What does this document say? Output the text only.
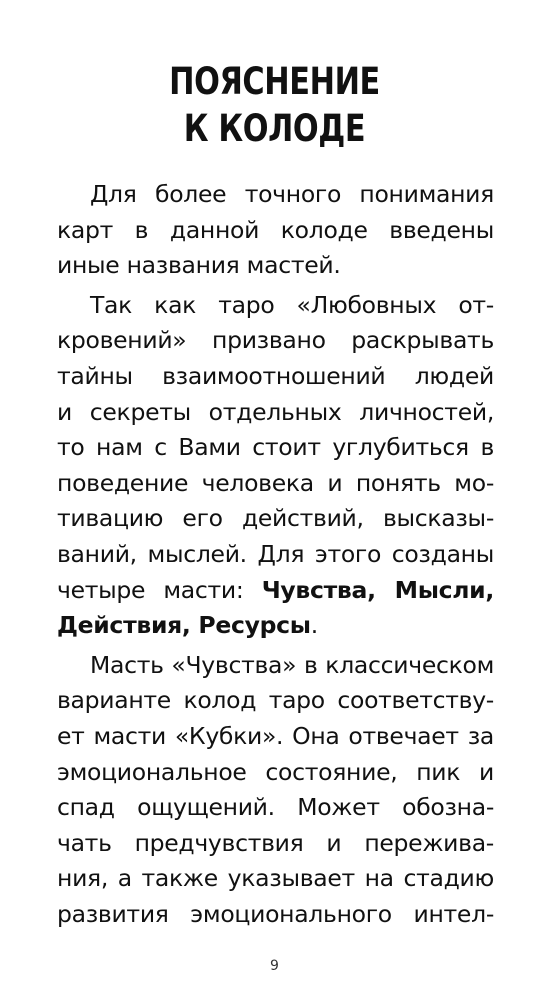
ПОЯСНЕНИЕ
К КОЛОДЕ
Для более точного понимания
карт в данной колоде введены
иные названия мастей.
Так как таро «Любовных от-
кровений» призвано раскрывать
тайны взаимоотношений людей
и секреты отдельных личностей,
то нам с Вами стоит углубиться в
поведение человека и понять мо-
тивацию его действий, высказы-
ваний, мыслей. Для этого созданы
четыре масти: Чувства, Мысли,
Действия, Ресурсы.
Масть «Чувства» в классическом
варианте колод таро соответству-
ет масти «Кубки». Она отвечает за
эмоциональное состояние, пик и
спад ощущений. Может обозна-
чать предчувствия и пережива-
ния, а также указывает на стадию
развития эмоционального интел-
9
